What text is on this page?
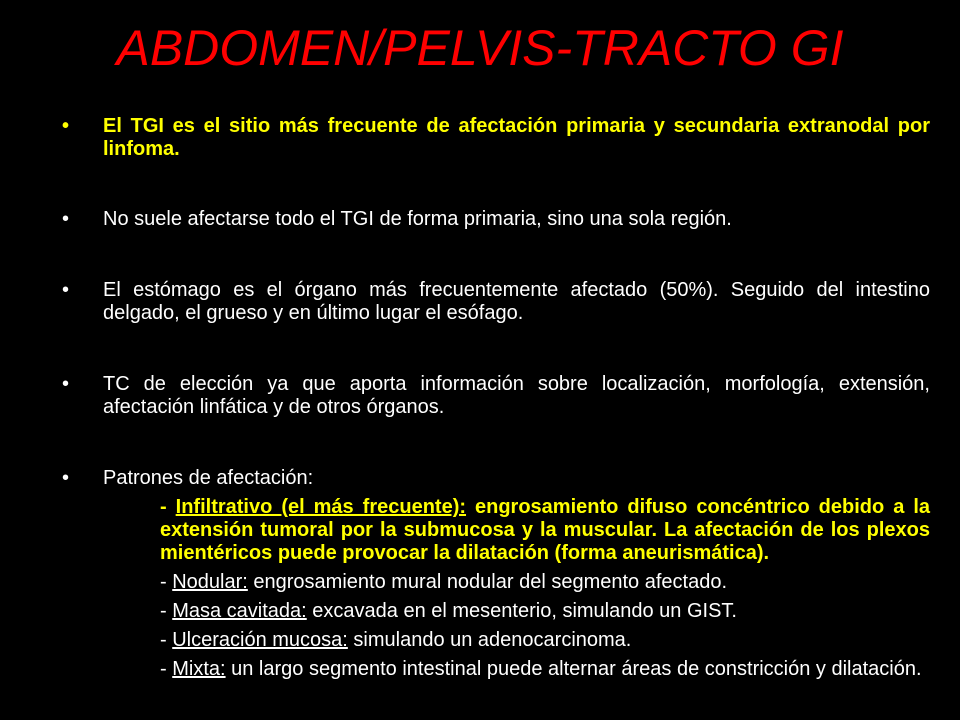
ABDOMEN/PELVIS-TRACTO GI
• El TGI es el sitio más frecuente de afectación primaria y secundaria extranodal por linfoma.
• No suele afectarse todo el TGI de forma primaria, sino una sola región.
• El estómago es el órgano más frecuentemente afectado (50%). Seguido del intestino delgado, el grueso y en último lugar el esófago.
• TC de elección ya que aporta información sobre localización, morfología, extensión, afectación linfática y de otros órganos.
• Patrones de afectación:
- Infiltrativo (el más frecuente): engrosamiento difuso concéntrico debido a la extensión tumoral por la submucosa y la muscular. La afectación de los plexos mientéricos puede provocar la dilatación (forma aneurismática).
- Nodular: engrosamiento mural nodular del segmento afectado.
- Masa cavitada: excavada en el mesenterio, simulando un GIST.
- Ulceración mucosa: simulando un adenocarcinoma.
- Mixta: un largo segmento intestinal puede alternar áreas de constricción y dilatación.
